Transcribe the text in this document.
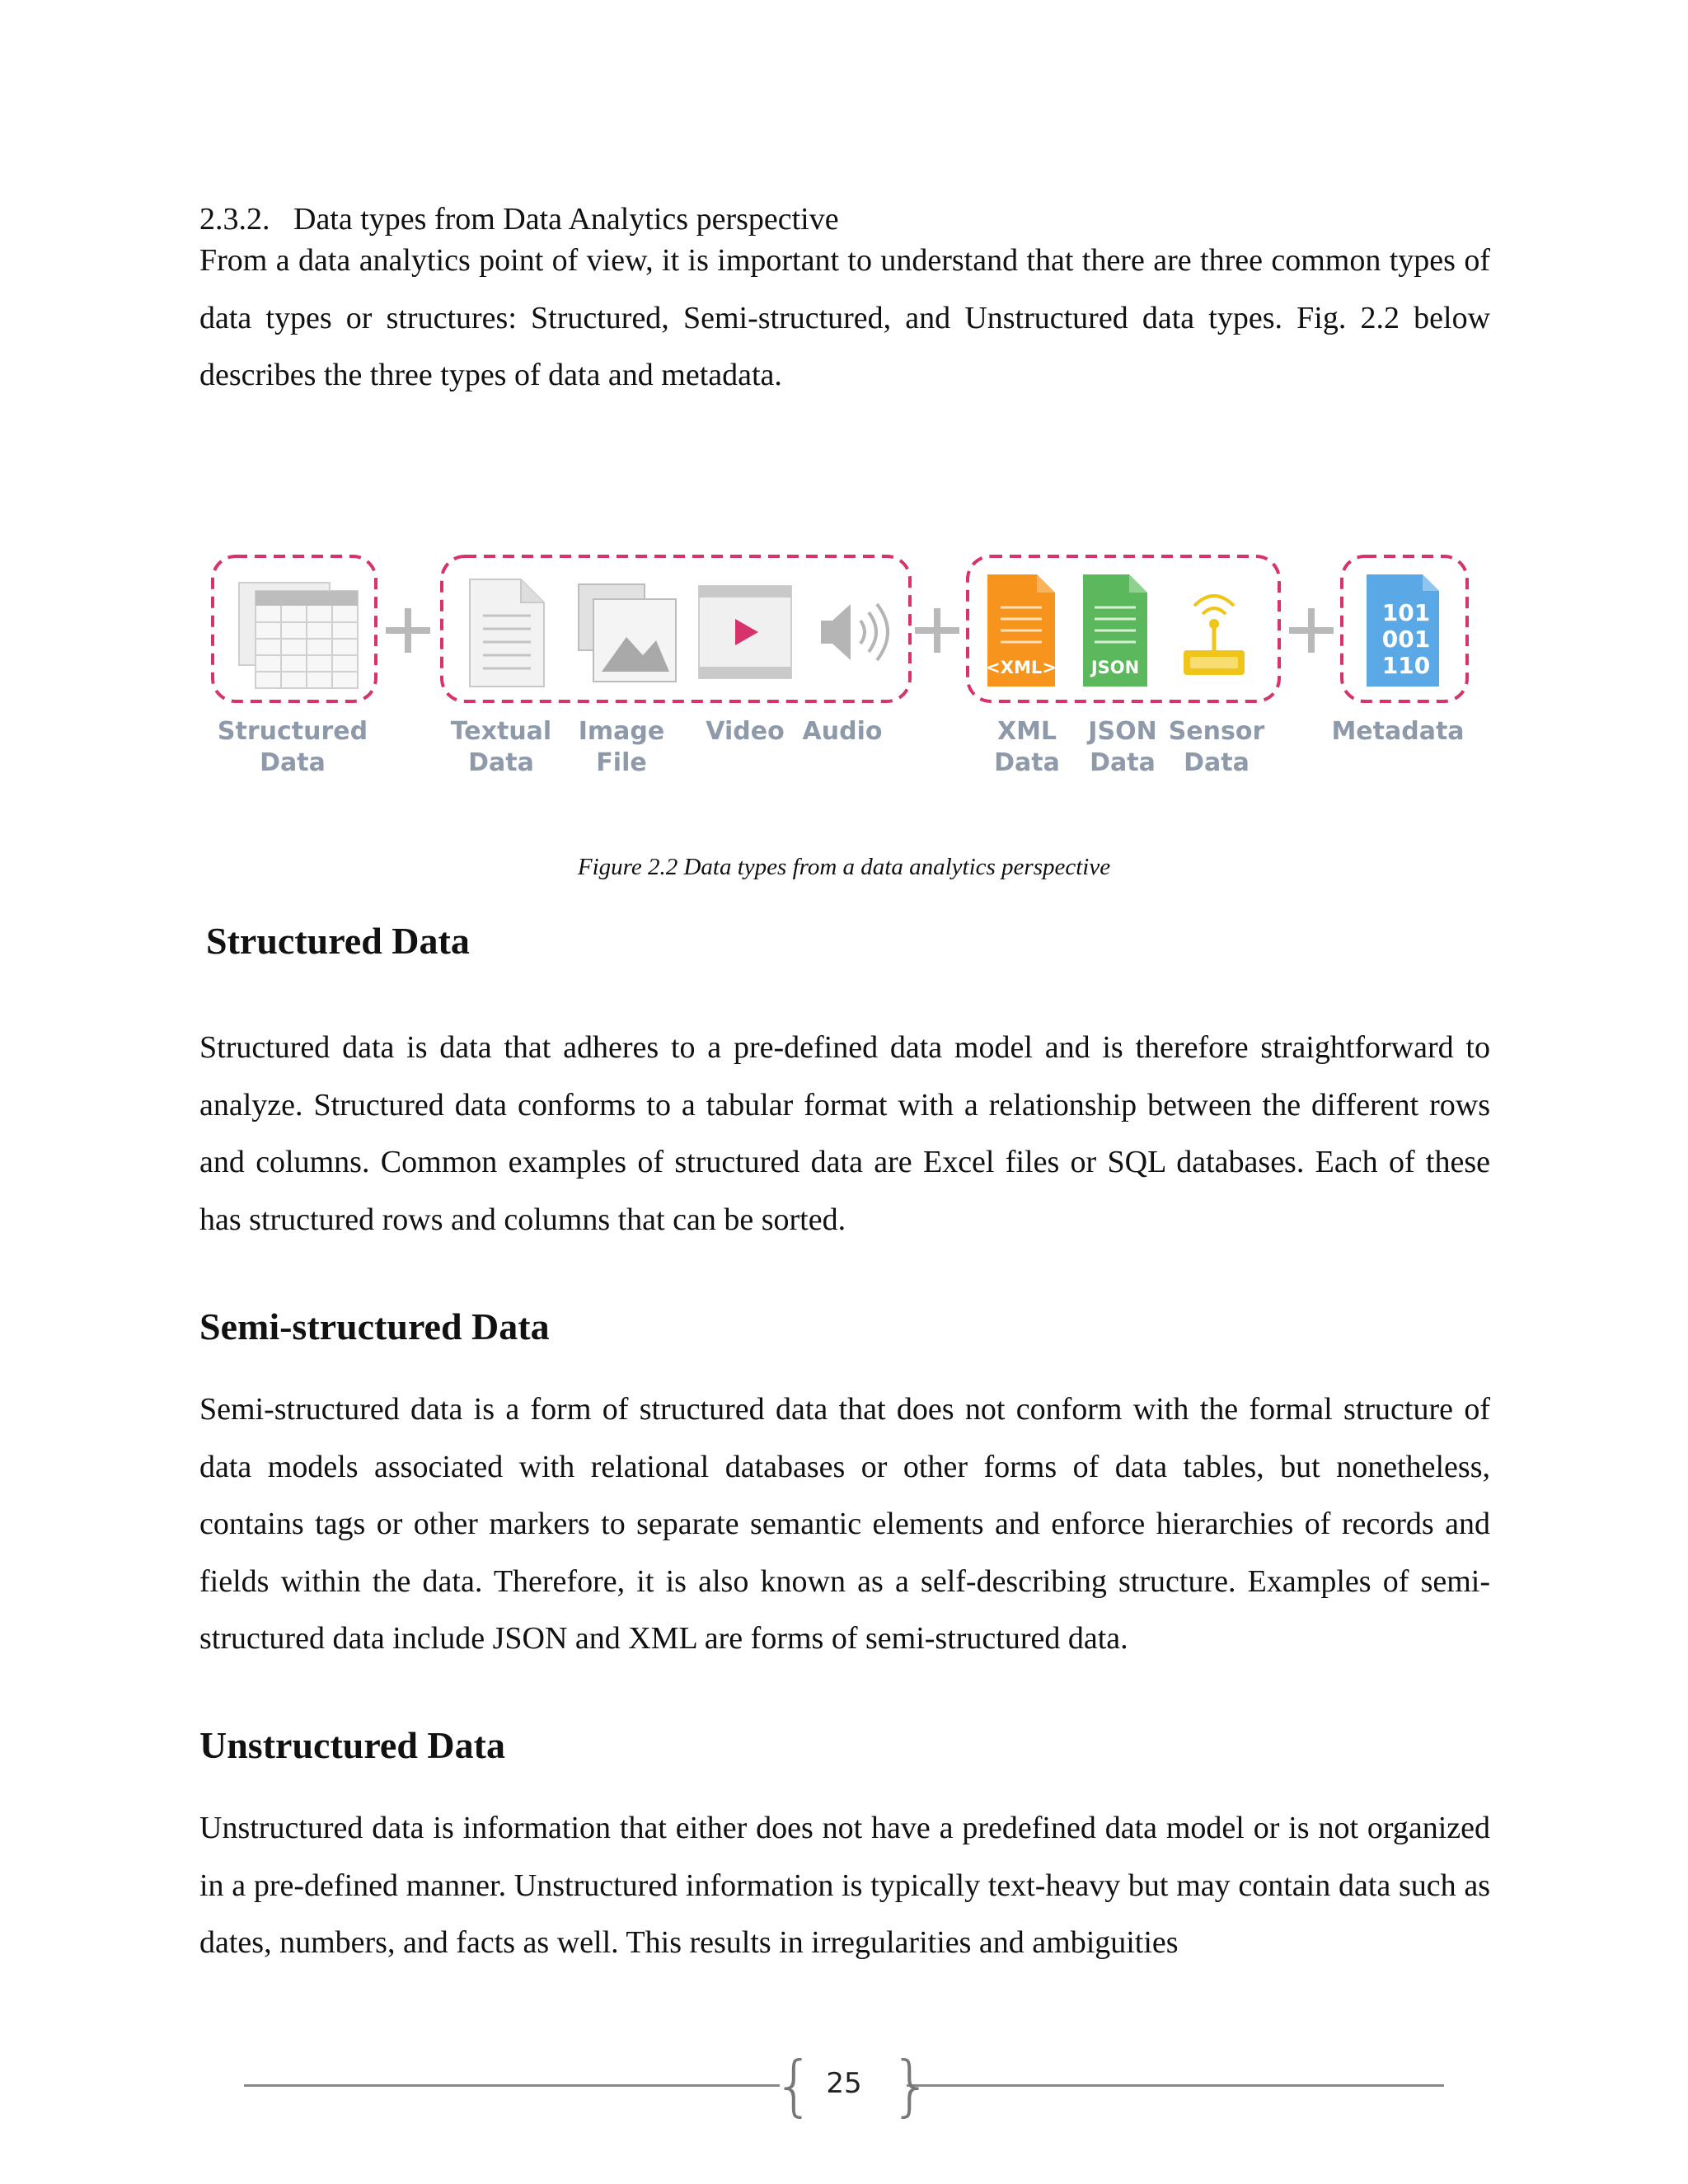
2.3.2. Data types from Data Analytics perspective
From a data analytics point of view, it is important to understand that there are three common types of data types or structures: Structured, Semi-structured, and Unstructured data types. Fig. 2.2 below describes the three types of data and metadata.
<XML> JSON
101
001
110
Structured
Data
Textual
Data
Image
File
Video Audio	XML
Data
JSON
Data
Sensor
Data
Metadata
Figure 2.2 Data types from a data analytics perspective
Structured Data

Structured data is data that adheres to a pre-defined data model and is therefore straightforward to analyze. Structured data conforms to a tabular format with a relationship between the different rows and columns. Common examples of structured data are Excel files or SQL databases. Each of these has structured rows and columns that can be sorted.

Semi-structured Data

Semi-structured data is a form of structured data that does not conform with the formal structure of data models associated with relational databases or other forms of data tables, but nonetheless, contains tags or other markers to separate semantic elements and enforce hierarchies of records and fields within the data. Therefore, it is also known as a self-describing structure. Examples of semi-structured data include JSON and XML are forms of semi-structured data.

Unstructured Data

Unstructured data is information that either does not have a predefined data model or is not organized in a pre-defined manner. Unstructured information is typically text-heavy but may contain data such as dates, numbers, and facts as well. This results in irregularities and ambiguities

{ }
25
